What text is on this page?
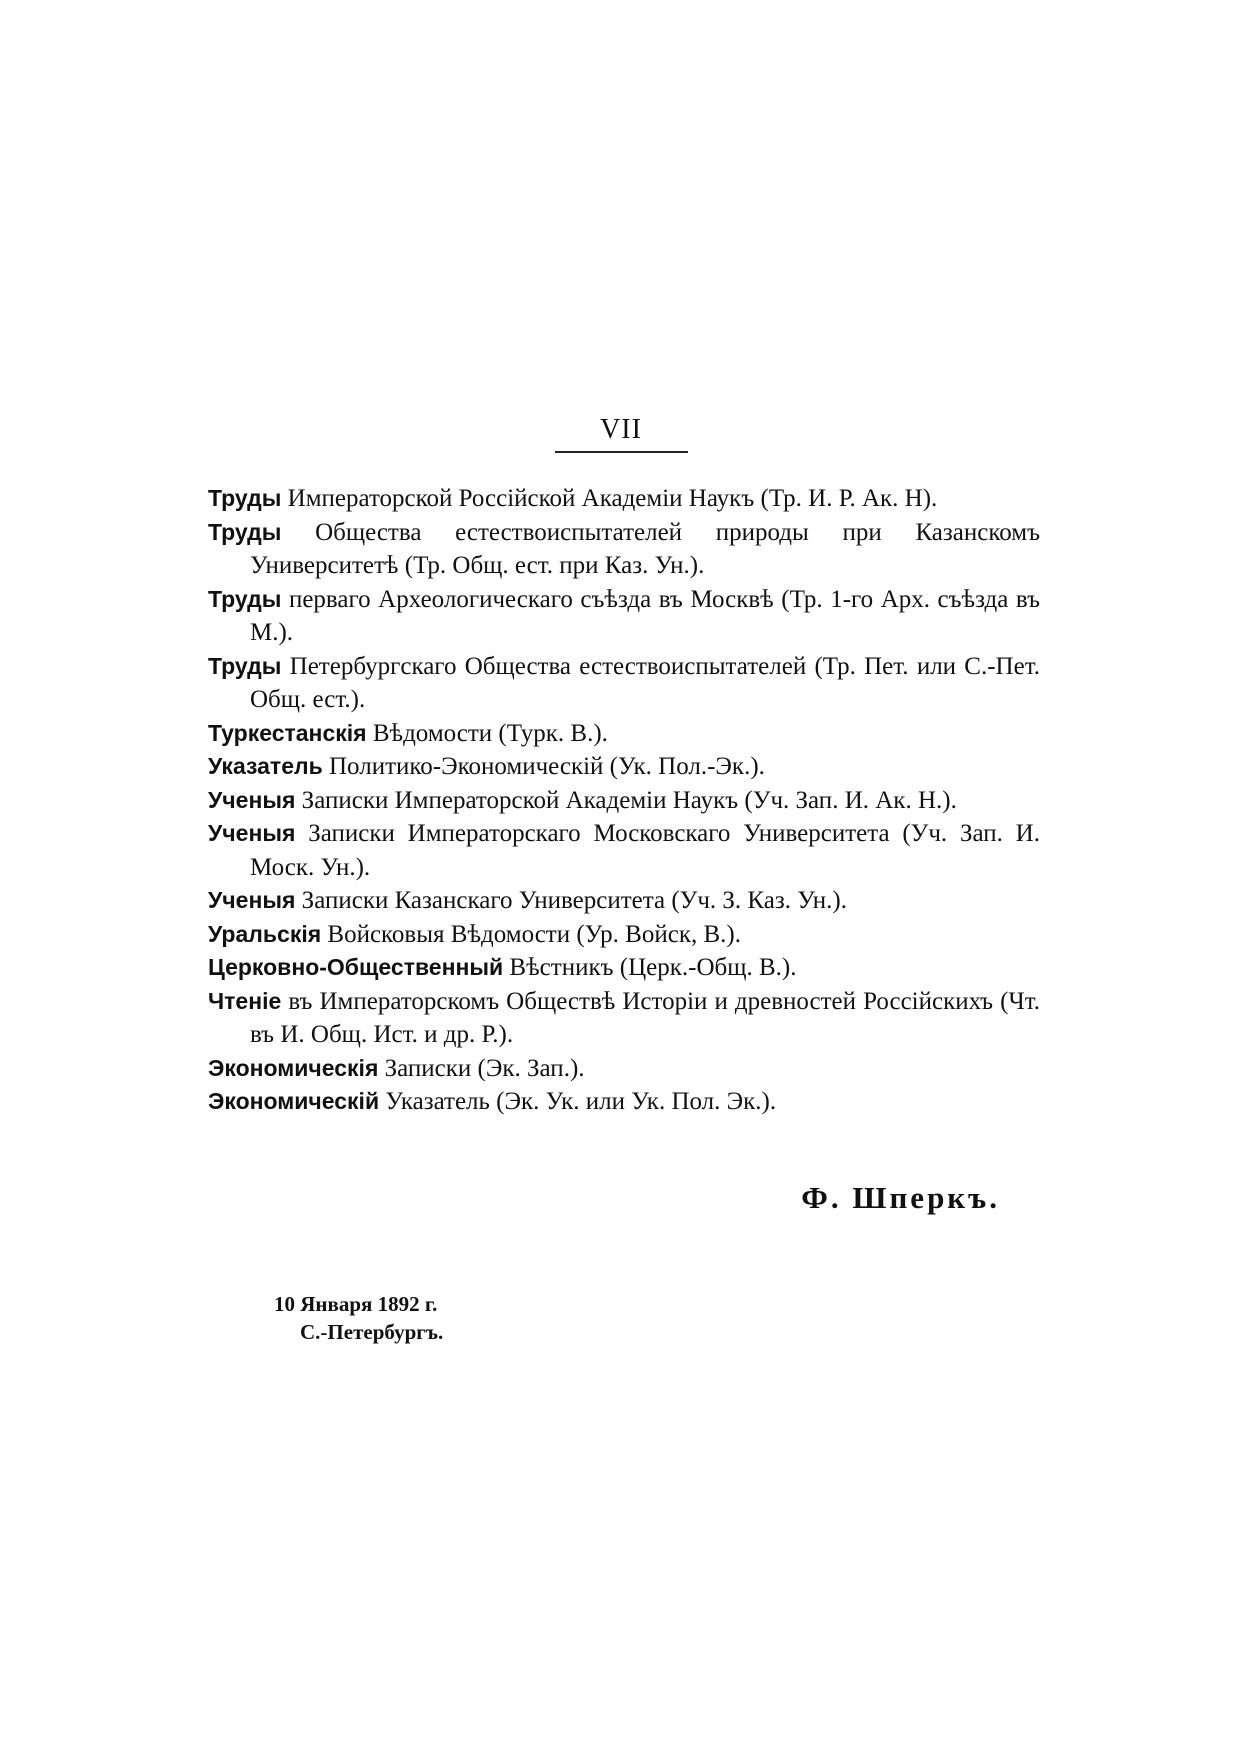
VII
Труды Императорской Россійской Академіи Наукъ (Тр. И. Р. Ак. Н).
Труды Общества естествоиспытателей природы при Казанскомъ Университетѣ (Тр. Общ. ест. при Каз. Ун.).
Труды перваго Археологическаго съѣзда въ Москвѣ (Тр. 1-го Арх. съѣзда въ М.).
Труды Петербургскаго Общества естествоиспытателей (Тр. Пет. или С.-Пет. Общ. ест.).
Туркестанскія Вѣдомости (Турк. В.).
Указатель Политико-Экономическій (Ук. Пол.-Эк.).
Ученыя Записки Императорской Академіи Наукъ (Уч. Зап. И. Ак. Н.).
Ученыя Записки Императорскаго Московскаго Университета (Уч. Зап. И. Моск. Ун.).
Ученыя Записки Казанскаго Университета (Уч. З. Каз. Ун.).
Уральскія Войсковыя Вѣдомости (Ур. Войск, В.).
Церковно-Общественный Вѣстникъ (Церк.-Общ. В.).
Чтеніе въ Императорскомъ Обществѣ Исторіи и древностей Россійскихъ (Чт. въ И. Общ. Ист. и др. Р.).
Экономическія Записки (Эк. Зап.).
Экономическій Указатель (Эк. Ук. или Ук. Пол. Эк.).
Ф. Шперкъ.
10 Января 1892 г.
С.-Петербургъ.
